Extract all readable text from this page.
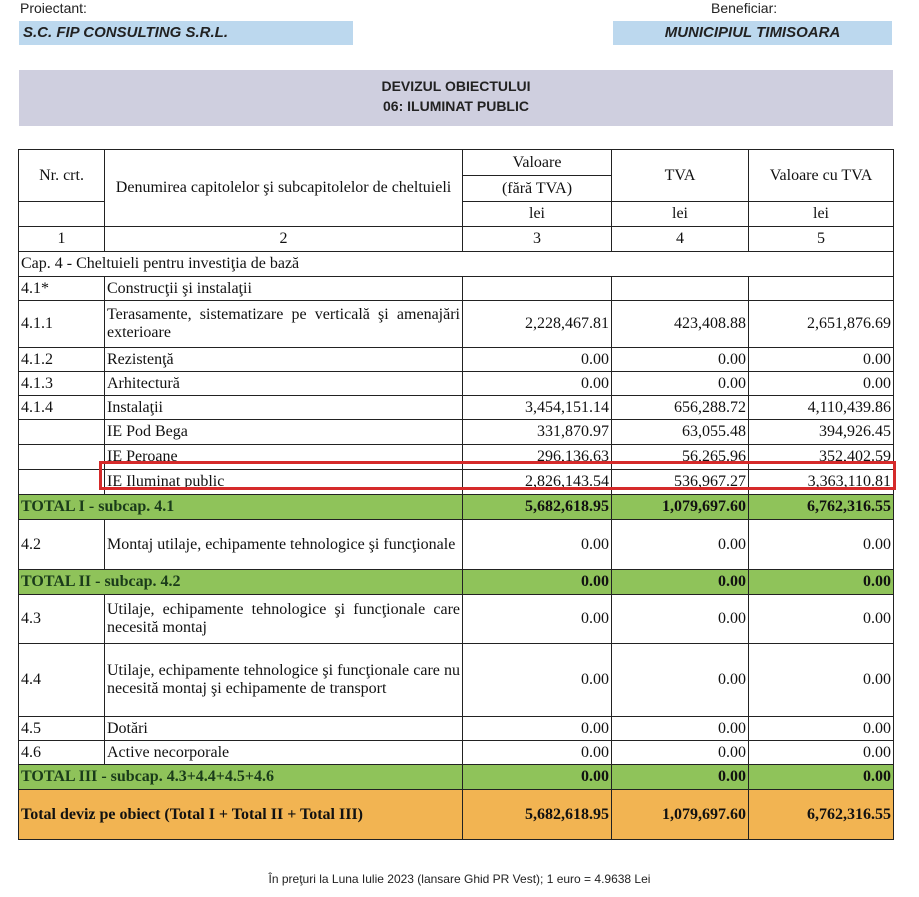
Proiectant:	Beneficiar:
S.C. FIP CONSULTING S.R.L.	MUNICIPIUL TIMISOARA
DEVIZUL OBIECTULUI
06: ILUMINAT PUBLIC
Nr. crt.	Denumirea capitolelor şi subcapitolelor de cheltuieli	Valoare	TVA	Valoare cu TVA
		(fără TVA)		
		lei	lei	lei
1	2	3	4	5
Cap. 4 - Cheltuieli pentru investiţia de bază				
4.1*	Construcţii şi instalaţii			
4.1.1	Terasamente, sistematizare pe verticală şi amenajări exterioare	2,228,467.81	423,408.88	2,651,876.69
4.1.2	Rezistenţă	0.00	0.00	0.00
4.1.3	Arhitectură	0.00	0.00	0.00
4.1.4	Instalaţii	3,454,151.14	656,288.72	4,110,439.86
	IE Pod Bega	331,870.97	63,055.48	394,926.45
	IE Peroane	296,136.63	56,265.96	352,402.59
	IE Iluminat public	2,826,143.54	536,967.27	3,363,110.81
TOTAL I - subcap. 4.1		5,682,618.95	1,079,697.60	6,762,316.55
4.2	Montaj utilaje, echipamente tehnologice şi funcţionale	0.00	0.00	0.00
TOTAL II - subcap. 4.2		0.00	0.00	0.00
4.3	Utilaje, echipamente tehnologice şi funcţionale care necesită montaj	0.00	0.00	0.00
4.4	Utilaje, echipamente tehnologice şi funcţionale care nu necesită montaj şi echipamente de transport	0.00	0.00	0.00
4.5	Dotări	0.00	0.00	0.00
4.6	Active necorporale	0.00	0.00	0.00
TOTAL III - subcap. 4.3+4.4+4.5+4.6		0.00	0.00	0.00
Total deviz pe obiect (Total I + Total II + Total III)		5,682,618.95	1,079,697.60	6,762,316.55
În preţuri la Luna Iulie 2023 (lansare Ghid PR Vest); 1 euro = 4.9638 Lei
